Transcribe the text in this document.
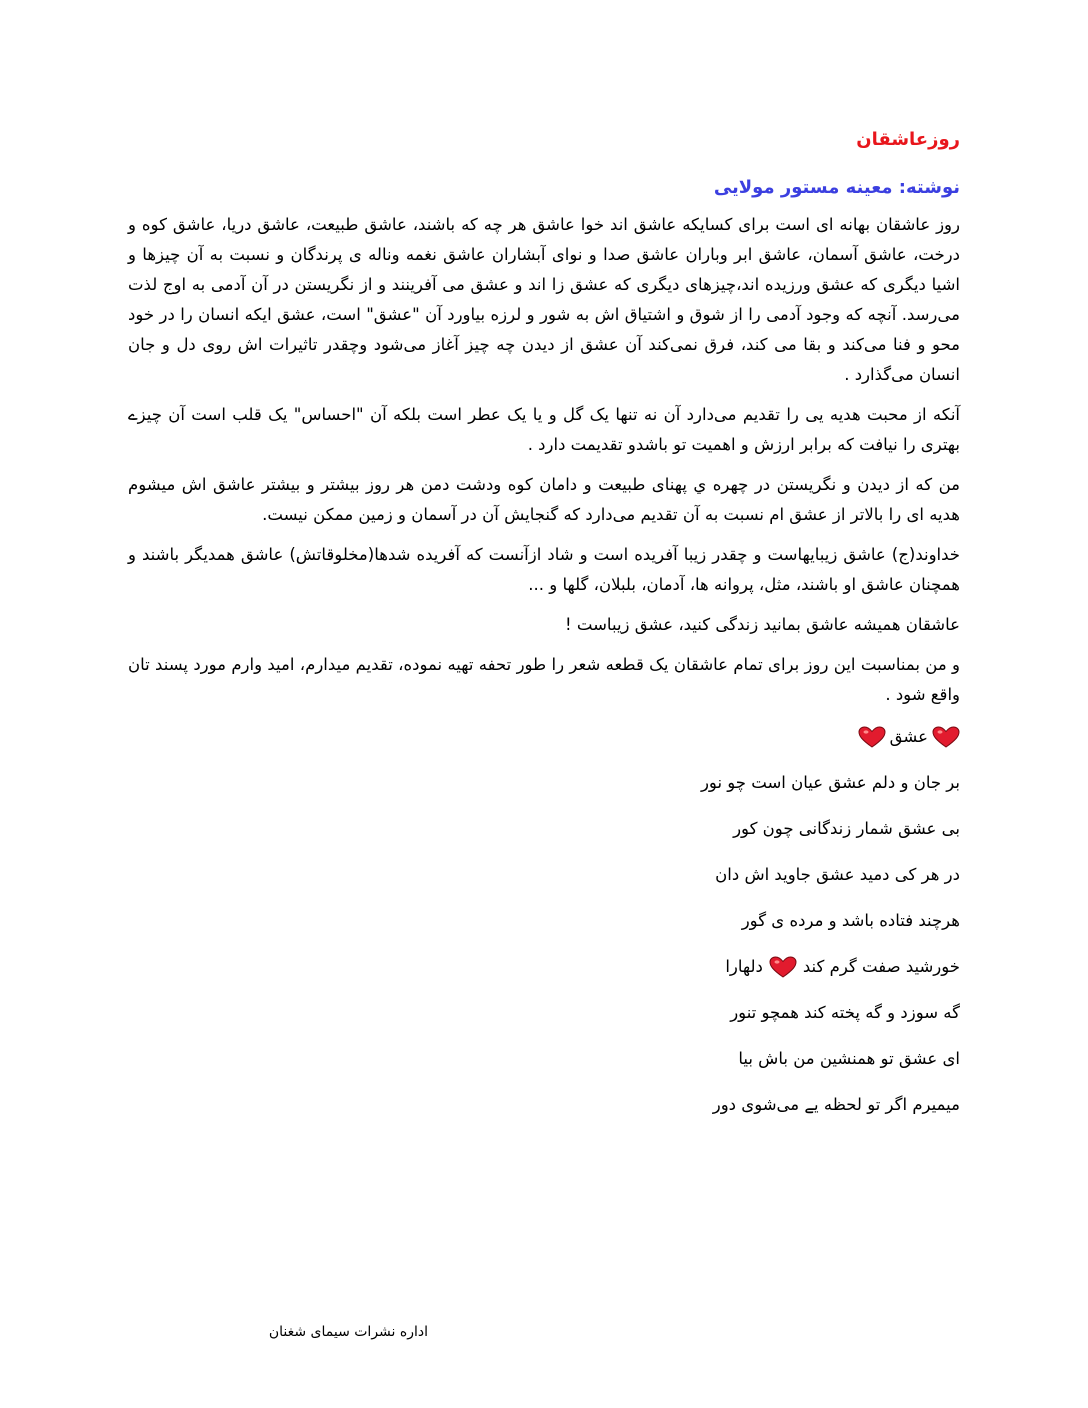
روزعاشقان
نوشته: معینه مستور مولایی

روز عاشقان بهانه ای است برای کسایکه عاشق اند خوا عاشق هر چه که باشند، عاشق طبیعت، عاشق دریا، عاشق کوه و درخت، عاشق آسمان، عاشق ابر وباران عاشق صدا و نوای آبشاران عاشق نغمه وناله ی پرندگان و نسبت به آن چیزها و اشیا دیگری که عشق ورزیده اند،چیزهای دیگری که عشق زا اند و عشق می آفرینند و از نگریستن در آن آدمی به اوج لذت می‌رسد. آنچه که وجود آدمی را از شوق و اشتیاق اش به شور و لرزه بیاورد آن "عشق" است، عشق ایکه انسان را در خود محو و فنا می‌کند و بقا می کند، فرق نمی‌کند آن عشق از دیدن چه چیز آغاز می‌شود وچقدر تاثیرات اش روی دل و جان انسان می‌گذارد .

آنکه از محبت هدیه یی را تقدیم می‌دارد آن نه تنها یک گل و یا یک عطر است بلکه آن "احساس" یک قلب است آن چیزے بهتری را نیافت که برابر ارزش و اهمیت تو باشدو تقدیمت دارد .

من که از دیدن و نگریستن در چهره ي پهنای طبیعت و دامان کوه ودشت دمن هر روز بیشتر و بیشتر عاشق اش میشوم هدیه ای را بالاتر از عشق ام نسبت به آن تقدیم می‌دارد که گنجایش آن در آسمان و زمین ممکن نیست.

خداوند(ج) عاشق زیبایهاست و چقدر زیبا آفریده است و شاد ازآنست که آفریده شدها(مخلوقاتش) عاشق همدیگر باشند و همچنان عاشق او باشند، مثل، پروانه ها، آدمان، بلبلان، گلها و ...

عاشقان همیشه عاشق بمانید زندگی کنید، عشق زیباست !

و من بمناسبت این روز برای تمام عاشقان یک قطعه شعر را طور تحفه تهیه نموده، تقدیم میدارم، امید وارم مورد پسند تان واقع شود .

عشق
بر جان و دلم عشق عیان است چو نور
بی عشق شمار زندگانی چون کور
در هر کی دمید عشق جاوید اش دان
هرچند فتاده باشد و مرده ی گور
خورشید صفت گرم کند
دلهارا
گه سوزد و گه پخته کند همچو تنور
ای عشق تو همنشین من باش بیا
میمیرم اگر تو لحظه یے می‌شوی دور
اداره نشرات سیمای شغنان
